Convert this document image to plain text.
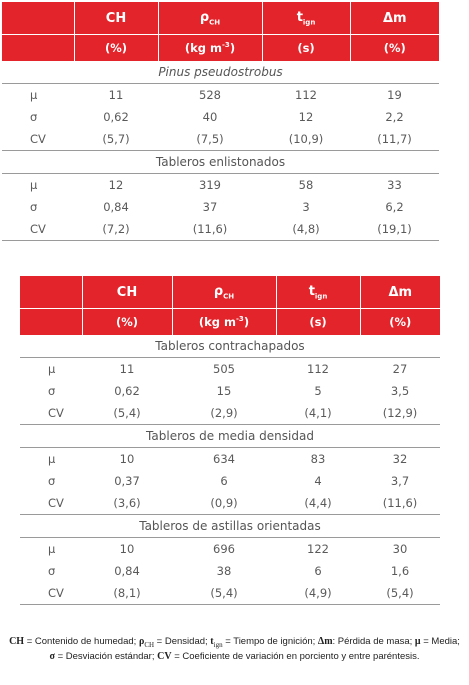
	CH	$\rho_{CH}$	$t_{ign}$	Δm
	(%)	(kg $m^{-3}$)	(s)	(%)
Pinus pseudostrobus				
μ	11	528	112	19
σ	0,62	40	12	2,2
CV	(5,7)	(7,5)	(10,9)	(11,7)
Tableros enlistonados				
μ	12	319	58	33
σ	0,84	37	3	6,2
CV	(7,2)	(11,6)	(4,8)	(19,1)
	CH	$\rho_{CH}$	$t_{ign}$	Δm
	(%)	(kg $m^{-3}$)	(s)	(%)
Tableros contrachapados				
μ	11	505	112	27
σ	0,62	15	5	3,5
CV	(5,4)	(2,9)	(4,1)	(12,9)
Tableros de media densidad				
μ	10	634	83	32
σ	0,37	6	4	3,7
CV	(3,6)	(0,9)	(4,4)	(11,6)
Tableros de astillas orientadas				
μ	10	696	122	30
σ	0,84	38	6	1,6
CV	(8,1)	(5,4)	(4,9)	(5,4)
CH = Contenido de humedad; $\rho_{CH}$ = Densidad; $t_{ign}$ = Tiempo de ignición; Δm: Pérdida de masa; μ = Media;
σ = Desviación estándar; CV = Coeficiente de variación en porciento y entre paréntesis.
